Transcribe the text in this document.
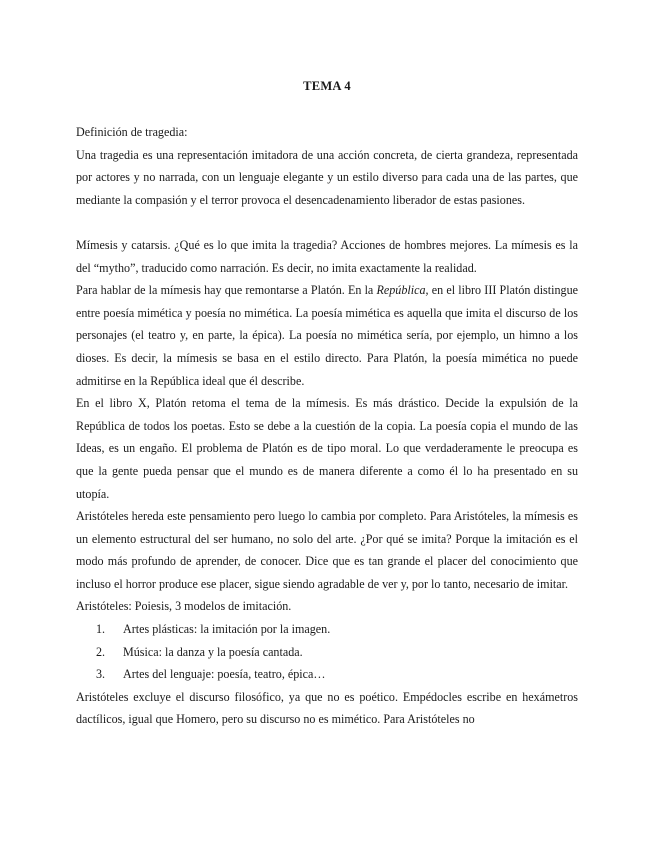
TEMA 4

Definición de tragedia:

Una tragedia es una representación imitadora de una acción concreta, de cierta grandeza, representada por actores y no narrada, con un lenguaje elegante y un estilo diverso para cada una de las partes, que mediante la compasión y el terror provoca el desencadenamiento liberador de estas pasiones.

Mímesis y catarsis. ¿Qué es lo que imita la tragedia? Acciones de hombres mejores. La mímesis es la del “mytho”, traducido como narración. Es decir, no imita exactamente la realidad.

Para hablar de la mímesis hay que remontarse a Platón. En la República, en el libro III Platón distingue entre poesía mimética y poesía no mimética. La poesía mimética es aquella que imita el discurso de los personajes (el teatro y, en parte, la épica). La poesía no mimética sería, por ejemplo, un himno a los dioses. Es decir, la mímesis se basa en el estilo directo. Para Platón, la poesía mimética no puede admitirse en la República ideal que él describe.

En el libro X, Platón retoma el tema de la mímesis. Es más drástico. Decide la expulsión de la República de todos los poetas. Esto se debe a la cuestión de la copia. La poesía copia el mundo de las Ideas, es un engaño. El problema de Platón es de tipo moral. Lo que verdaderamente le preocupa es que la gente pueda pensar que el mundo es de manera diferente a como él lo ha presentado en su utopía.

Aristóteles hereda este pensamiento pero luego lo cambia por completo. Para Aristóteles, la mímesis es un elemento estructural del ser humano, no solo del arte. ¿Por qué se imita? Porque la imitación es el modo más profundo de aprender, de conocer. Dice que es tan grande el placer del conocimiento que incluso el horror produce ese placer, sigue siendo agradable de ver y, por lo tanto, necesario de imitar.

Aristóteles: Poiesis, 3 modelos de imitación.

1. Artes plásticas: la imitación por la imagen.
2. Música: la danza y la poesía cantada.
3. Artes del lenguaje: poesía, teatro, épica…

Aristóteles excluye el discurso filosófico, ya que no es poético. Empédocles escribe en hexámetros dactílicos, igual que Homero, pero su discurso no es mimético. Para Aristóteles no
